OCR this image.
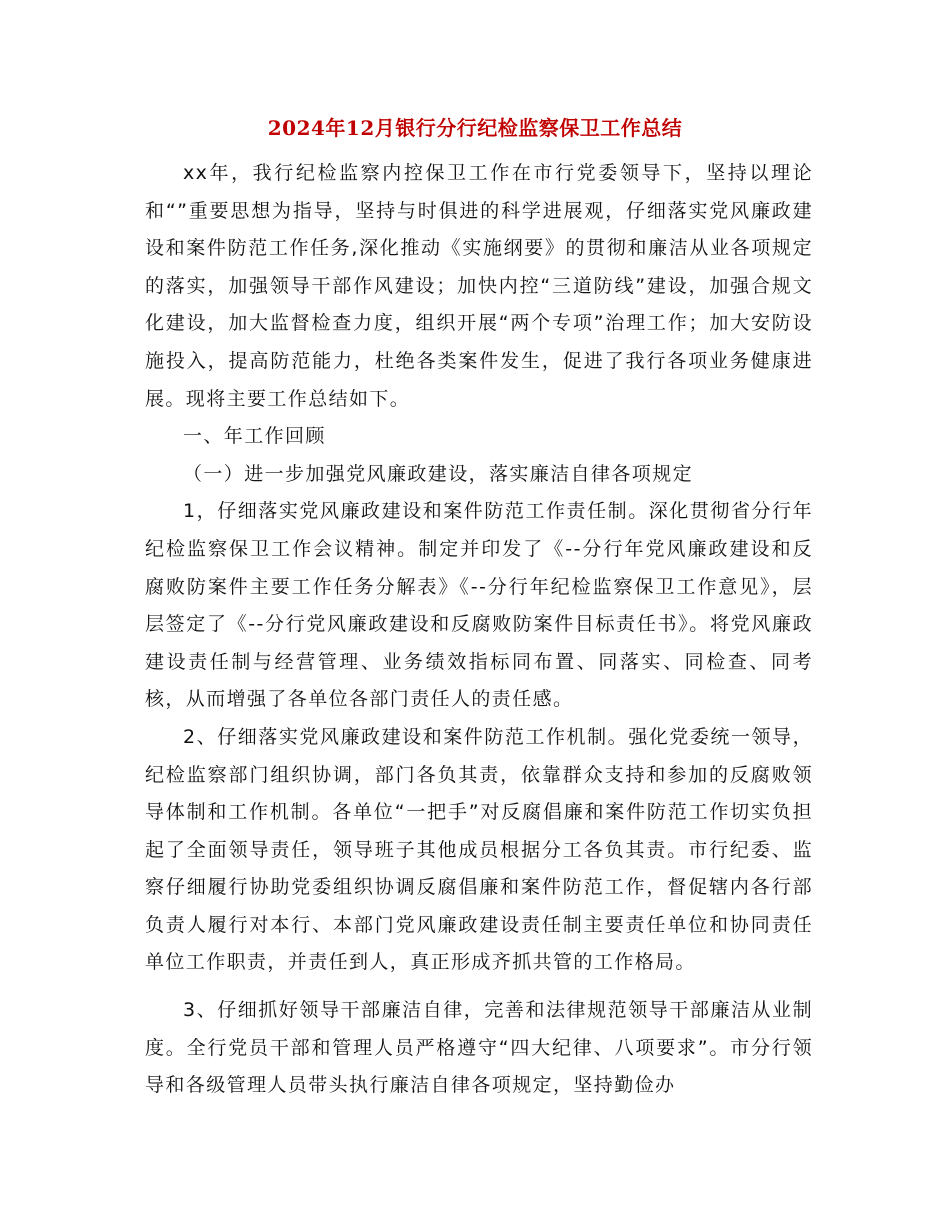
2024年12月银行分行纪检监察保卫工作总结

xx年，我行纪检监察内控保卫工作在市行党委领导下，坚持以理论和“”重要思想为指导，坚持与时俱进的科学进展观，仔细落实党风廉政建设和案件防范工作任务,深化推动《实施纲要》的贯彻和廉洁从业各项规定的落实，加强领导干部作风建设；加快内控“三道防线”建设，加强合规文化建设，加大监督检查力度，组织开展“两个专项”治理工作；加大安防设施投入，提高防范能力，杜绝各类案件发生，促进了我行各项业务健康进展。现将主要工作总结如下。

一、年工作回顾

（一）进一步加强党风廉政建设，落实廉洁自律各项规定

1，仔细落实党风廉政建设和案件防范工作责任制。深化贯彻省分行年纪检监察保卫工作会议精神。制定并印发了《--分行年党风廉政建设和反腐败防案件主要工作任务分解表》《--分行年纪检监察保卫工作意见》，层层签定了《--分行党风廉政建设和反腐败防案件目标责任书》。将党风廉政建设责任制与经营管理、业务绩效指标同布置、同落实、同检查、同考核，从而增强了各单位各部门责任人的责任感。

2、仔细落实党风廉政建设和案件防范工作机制。强化党委统一领导，纪检监察部门组织协调，部门各负其责，依靠群众支持和参加的反腐败领导体制和工作机制。各单位“一把手”对反腐倡廉和案件防范工作切实负担起了全面领导责任，领导班子其他成员根据分工各负其责。市行纪委、监察仔细履行协助党委组织协调反腐倡廉和案件防范工作，督促辖内各行部负责人履行对本行、本部门党风廉政建设责任制主要责任单位和协同责任单位工作职责，并责任到人，真正形成齐抓共管的工作格局。

3、仔细抓好领导干部廉洁自律，完善和法律规范领导干部廉洁从业制度。全行党员干部和管理人员严格遵守“四大纪律、八项要求”。市分行领导和各级管理人员带头执行廉洁自律各项规定，坚持勤俭办
